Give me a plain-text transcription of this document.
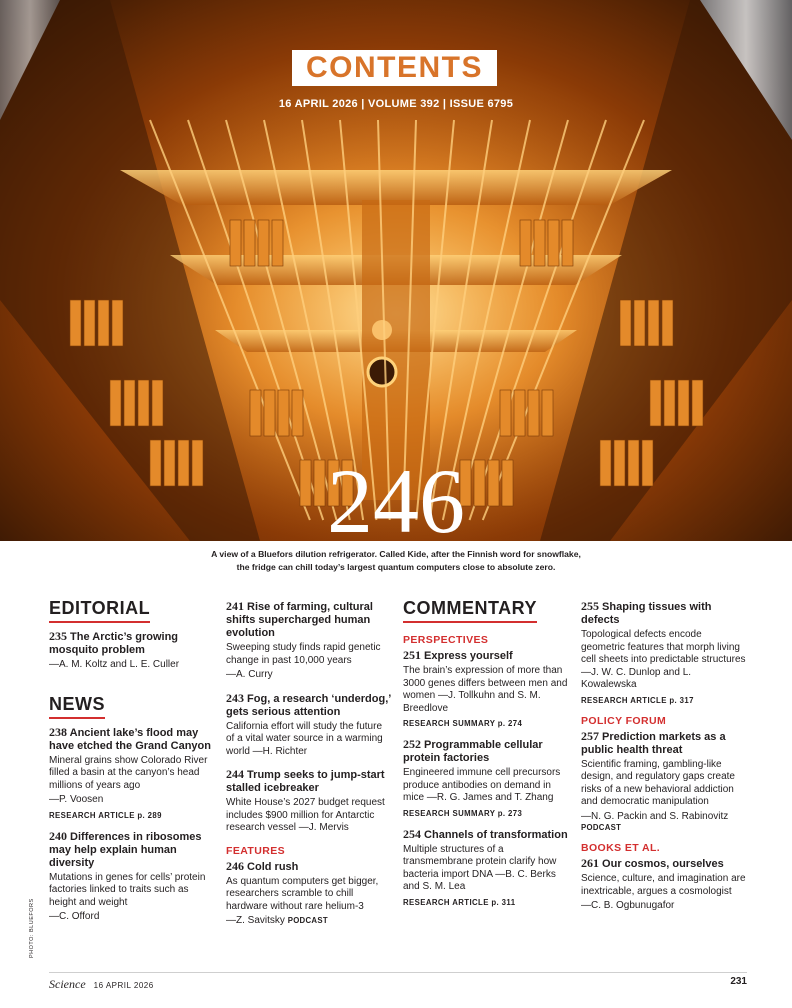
CONTENTS
16 APRIL 2026 | VOLUME 392 | ISSUE 6795
246
A view of a Bluefors dilution refrigerator. Called Kide, after the Finnish word for snowflake,
the fridge can chill today’s largest quantum computers close to absolute zero.
EDITORIAL
235 The Arctic’s growing mosquito problem
—A. M. Koltz and L. E. Culler
NEWS
238 Ancient lake’s flood may have etched the Grand Canyon
Mineral grains show Colorado River filled a basin at the canyon’s head millions of years ago
—P. Voosen
RESEARCH ARTICLE p. 289
240 Differences in ribosomes may help explain human diversity
Mutations in genes for cells’ protein factories linked to traits such as height and weight
—C. Offord
241 Rise of farming, cultural shifts supercharged human evolution
Sweeping study finds rapid genetic change in past 10,000 years
—A. Curry
243 Fog, a research ‘underdog,’ gets serious attention
California effort will study the future of a vital water source in a warming world —H. Richter
244 Trump seeks to jump-start stalled icebreaker
White House’s 2027 budget request includes $900 million for Antarctic research vessel —J. Mervis
FEATURES
246 Cold rush
As quantum computers get bigger, researchers scramble to chill hardware without rare helium-3
—Z. Savitsky PODCAST
COMMENTARY
PERSPECTIVES
251 Express yourself
The brain’s expression of more than 3000 genes differs between men and women —J. Tollkuhn and S. M. Breedlove
RESEARCH SUMMARY p. 274
252 Programmable cellular protein factories
Engineered immune cell precursors produce antibodies on demand in mice —R. G. James and T. Zhang
RESEARCH SUMMARY p. 273
254 Channels of transformation
Multiple structures of a transmembrane protein clarify how bacteria import DNA —B. C. Berks and S. M. Lea
RESEARCH ARTICLE p. 311
255 Shaping tissues with defects
Topological defects encode geometric features that morph living cell sheets into predictable structures —J. W. C. Dunlop and L. Kowalewska
RESEARCH ARTICLE p. 317
POLICY FORUM
257 Prediction markets as a public health threat
Scientific framing, gambling-like design, and regulatory gaps create risks of a new behavioral addiction and democratic manipulation
—N. G. Packin and S. Rabinovitz
PODCAST
BOOKS ET AL.
261 Our cosmos, ourselves
Science, culture, and imagination are inextricable, argues a cosmologist
—C. B. Ogbunugafor
PHOTO: BLUEFORS
Science 16 APRIL 2026	231
